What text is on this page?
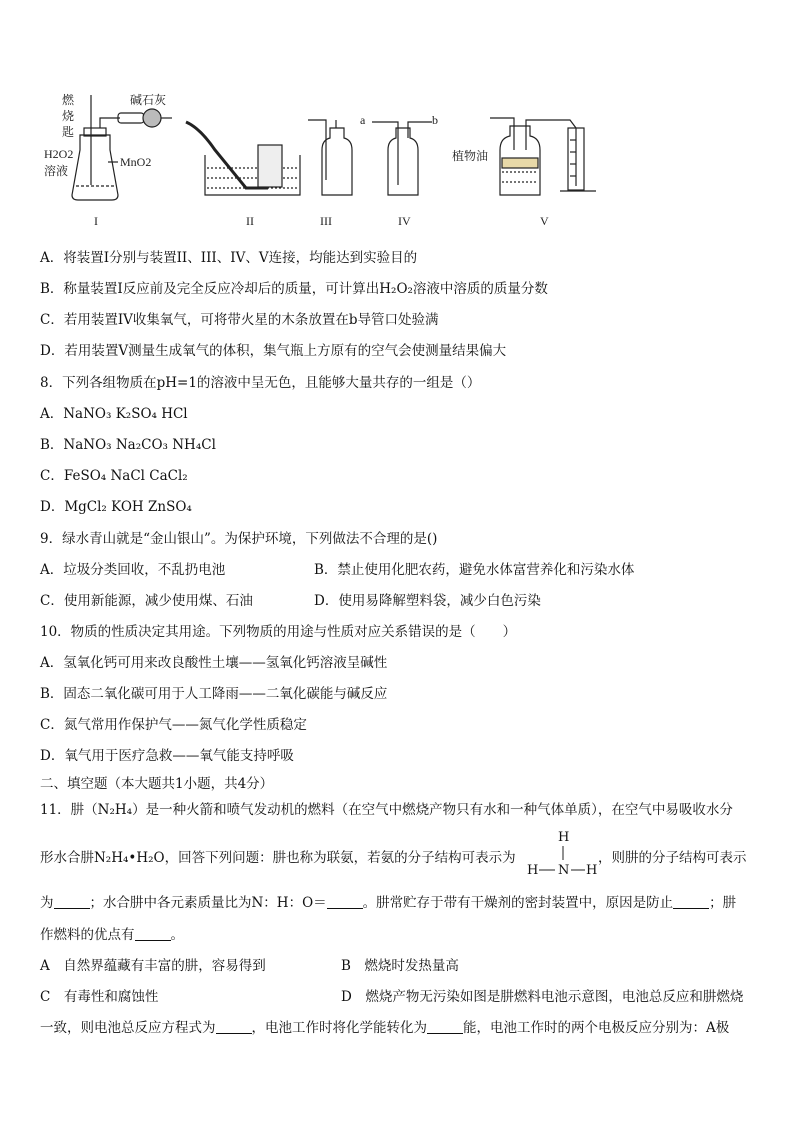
燃
烧
匙
碱石灰
H2O2
溶液
MnO2
a	b
植物油
I	II	III	IV	V
A．将装置Ⅰ分别与装置II、III、IV、V连接，均能达到实验目的
B．称量装置Ⅰ反应前及完全反应冷却后的质量，可计算出H₂O₂溶液中溶质的质量分数
C．若用装置IV收集氧气，可将带火星的木条放置在b导管口处验满
D．若用装置V测量生成氧气的体积，集气瓶上方原有的空气会使测量结果偏大
8．下列各组物质在pH=1的溶液中呈无色，且能够大量共存的一组是（）
A．NaNO₃ K₂SO₄ HCl
B．NaNO₃ Na₂CO₃ NH₄Cl
C．FeSO₄ NaCl CaCl₂
D．MgCl₂ KOH ZnSO₄
9．绿水青山就是“金山银山”。为保护环境，下列做法不合理的是()
A．垃圾分类回收，不乱扔电池	B．禁止使用化肥农药，避免水体富营养化和污染水体
C．使用新能源，减少使用煤、石油	D．使用易降解塑料袋，减少白色污染
10．物质的性质决定其用途。下列物质的用途与性质对应关系错误的是（　　）
A．氢氧化钙可用来改良酸性土壤——氢氧化钙溶液呈碱性
B．固态二氧化碳可用于人工降雨——二氧化碳能与碱反应
C．氮气常用作保护气——氮气化学性质稳定
D．氧气用于医疗急救——氧气能支持呼吸
二、填空题（本大题共1小题，共4分）
11．肼（N₂H₄）是一种火箭和喷气发动机的燃料（在空气中燃烧产物只有水和一种气体单质），在空气中易吸收水分
形水合肼N₂H₄•H₂O，回答下列问题：肼也称为联氨，若氨的分子结构可表示为
H
H N H
，则肼的分子结构可表示
为	；水合肼中各元素质量比为N：H：O＝	。肼常贮存于带有干燥剂的密封装置中，原因是防止	；肼
作燃料的优点有	。
A　自然界蕴藏有丰富的肼，容易得到	B　燃烧时发热量高
C　有毒性和腐蚀性	D　燃烧产物无污染如图是肼燃料电池示意图，电池总反应和肼燃烧
一致，则电池总反应方程式为	，电池工作时将化学能转化为	能，电池工作时的两个电极反应分别为：A极
